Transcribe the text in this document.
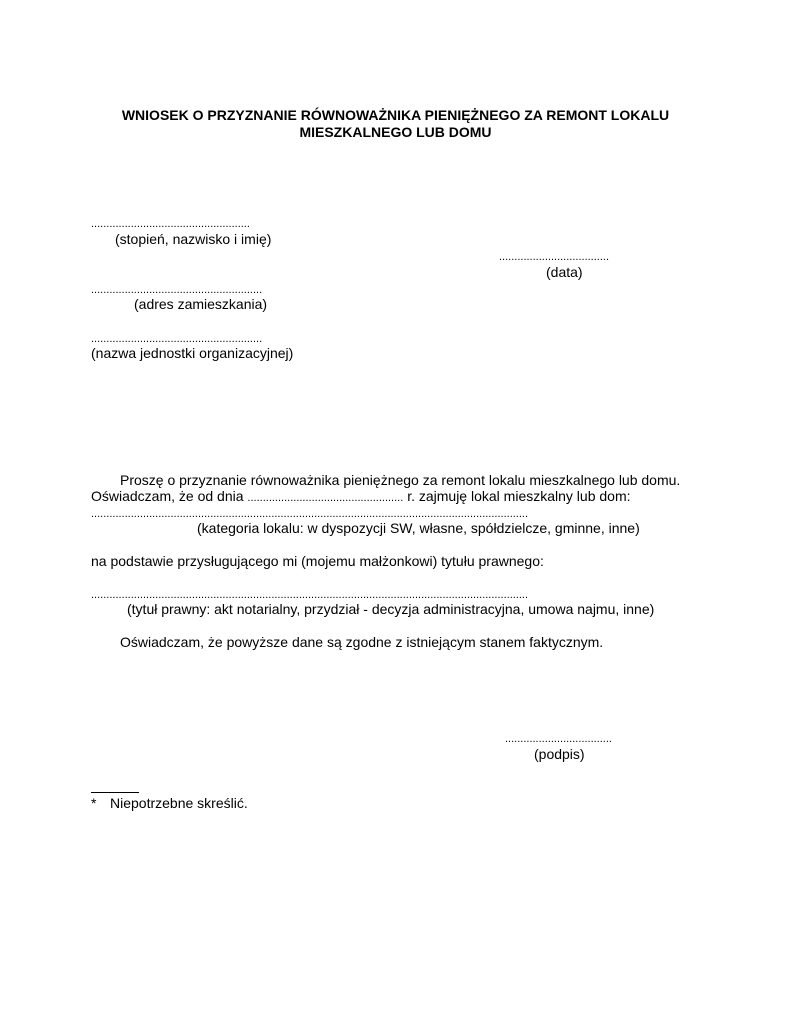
WNIOSEK O PRZYZNANIE RÓWNOWAŻNIKA PIENIĘŻNEGO ZA REMONT LOKALU
MIESZKALNEGO LUB DOMU
....................................................
(stopień, nazwisko i imię)
....................................
(data)
........................................................
(adres zamieszkania)
........................................................
(nazwa jednostki organizacyjnej)
Proszę o przyznanie równoważnika pieniężnego za remont lokalu mieszkalnego lub domu.
Oświadczam, że od dnia ................................................... r. zajmuję lokal mieszkalny lub dom:
...............................................................................................................................................
(kategoria lokalu: w dyspozycji SW, własne, spółdzielcze, gminne, inne)
na podstawie przysługującego mi (mojemu małżonkowi) tytułu prawnego:
...............................................................................................................................................
(tytuł prawny: akt notarialny, przydział - decyzja administracyjna, umowa najmu, inne)
Oświadczam, że powyższe dane są zgodne z istniejącym stanem faktycznym.
...................................
(podpis)
* Niepotrzebne skreślić.
